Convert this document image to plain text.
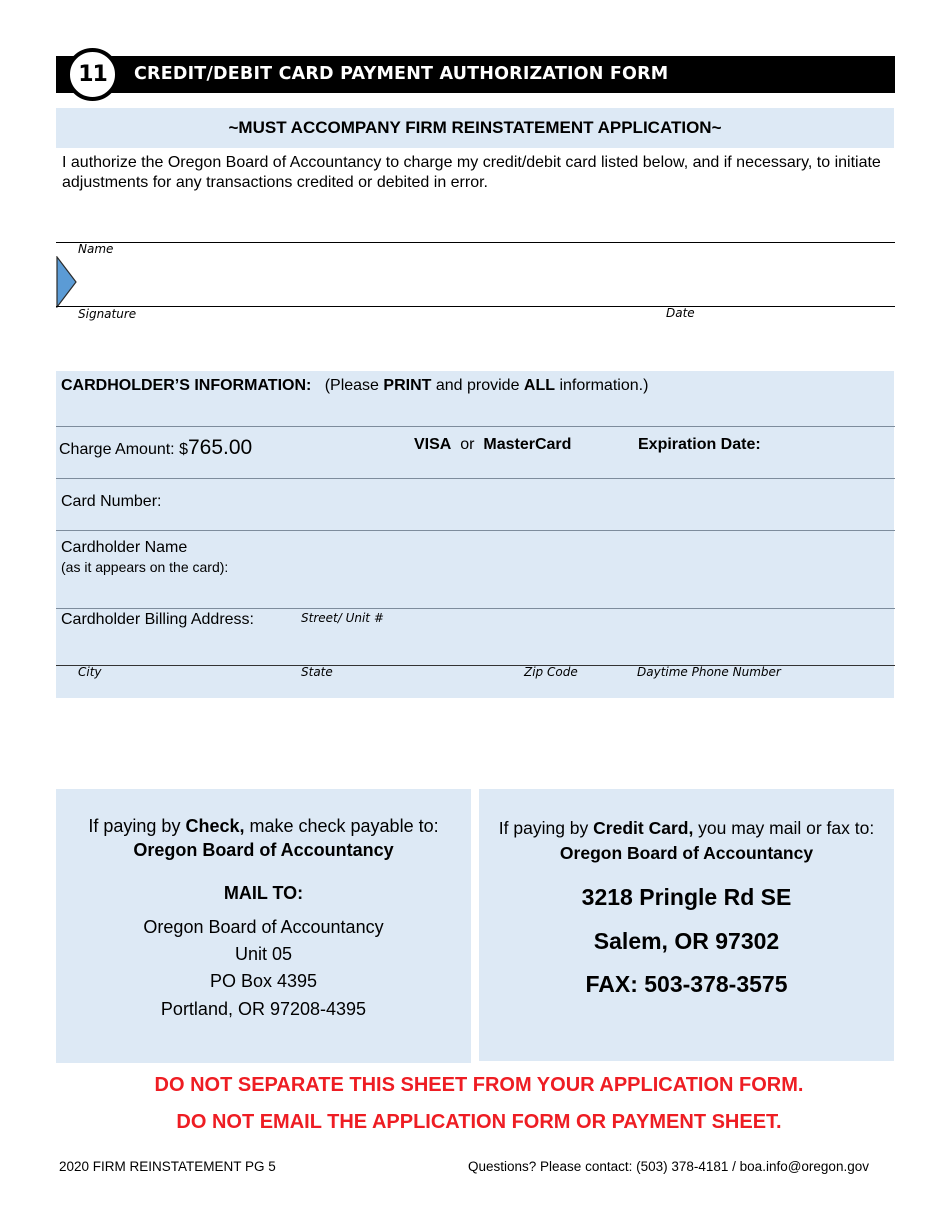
11 CREDIT/DEBIT CARD PAYMENT AUTHORIZATION FORM
~MUST ACCOMPANY FIRM REINSTATEMENT APPLICATION~
I authorize the Oregon Board of Accountancy to charge my credit/debit card listed below, and if necessary, to initiate adjustments for any transactions credited or debited in error.
Name
Signature	Date
CARDHOLDER’S INFORMATION: (Please PRINT and provide ALL information.)
Charge Amount: $765.00	VISA or MasterCard	Expiration Date:
Card Number:
Cardholder Name
(as it appears on the card):
Cardholder Billing Address:	Street/ Unit #
City	State	Zip Code	Daytime Phone Number
If paying by Check, make check payable to:
Oregon Board of Accountancy
MAIL TO:
Oregon Board of Accountancy
Unit 05
PO Box 4395
Portland, OR 97208-4395
If paying by Credit Card, you may mail or fax to:
Oregon Board of Accountancy
3218 Pringle Rd SE
Salem, OR 97302
FAX: 503-378-3575
DO NOT SEPARATE THIS SHEET FROM YOUR APPLICATION FORM.
DO NOT EMAIL THE APPLICATION FORM OR PAYMENT SHEET.
2020 FIRM REINSTATEMENT PG 5	Questions? Please contact: (503) 378-4181 / boa.info@oregon.gov
